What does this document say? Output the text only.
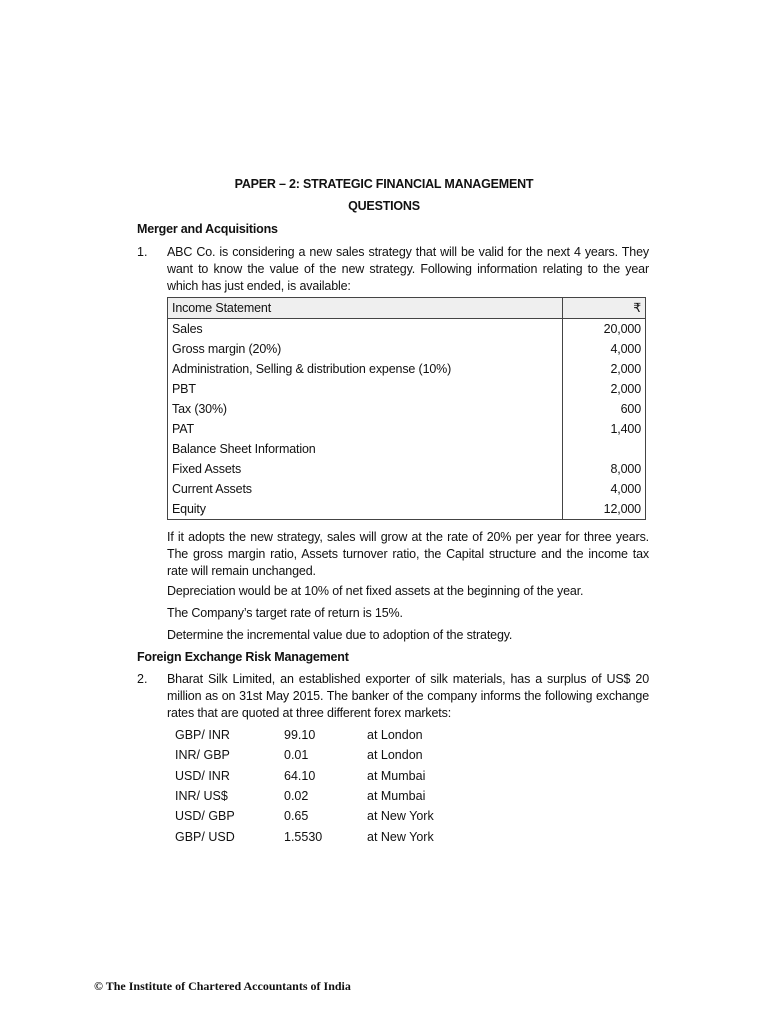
PAPER – 2: STRATEGIC FINANCIAL MANAGEMENT
QUESTIONS
Merger and Acquisitions
1. ABC Co. is considering a new sales strategy that will be valid for the next 4 years. They want to know the value of the new strategy. Following information relating to the year which has just ended, is available:
Income Statement	₹
Sales	20,000
Gross margin (20%)	4,000
Administration, Selling & distribution expense (10%)	2,000
PBT	2,000
Tax (30%)	600
PAT	1,400
Balance Sheet Information	
Fixed Assets	8,000
Current Assets	4,000
Equity	12,000
If it adopts the new strategy, sales will grow at the rate of 20% per year for three years. The gross margin ratio, Assets turnover ratio, the Capital structure and the income tax rate will remain unchanged.
Depreciation would be at 10% of net fixed assets at the beginning of the year.
The Company’s target rate of return is 15%.
Determine the incremental value due to adoption of the strategy.
Foreign Exchange Risk Management
2. Bharat Silk Limited, an established exporter of silk materials, has a surplus of US$ 20 million as on 31st May 2015. The banker of the company informs the following exchange rates that are quoted at three different forex markets:
GBP/ INR	99.10	at London
INR/ GBP	0.01	at London
USD/ INR	64.10	at Mumbai
INR/ US$	0.02	at Mumbai
USD/ GBP	0.65	at New York
GBP/ USD	1.5530	at New York
© The Institute of Chartered Accountants of India
